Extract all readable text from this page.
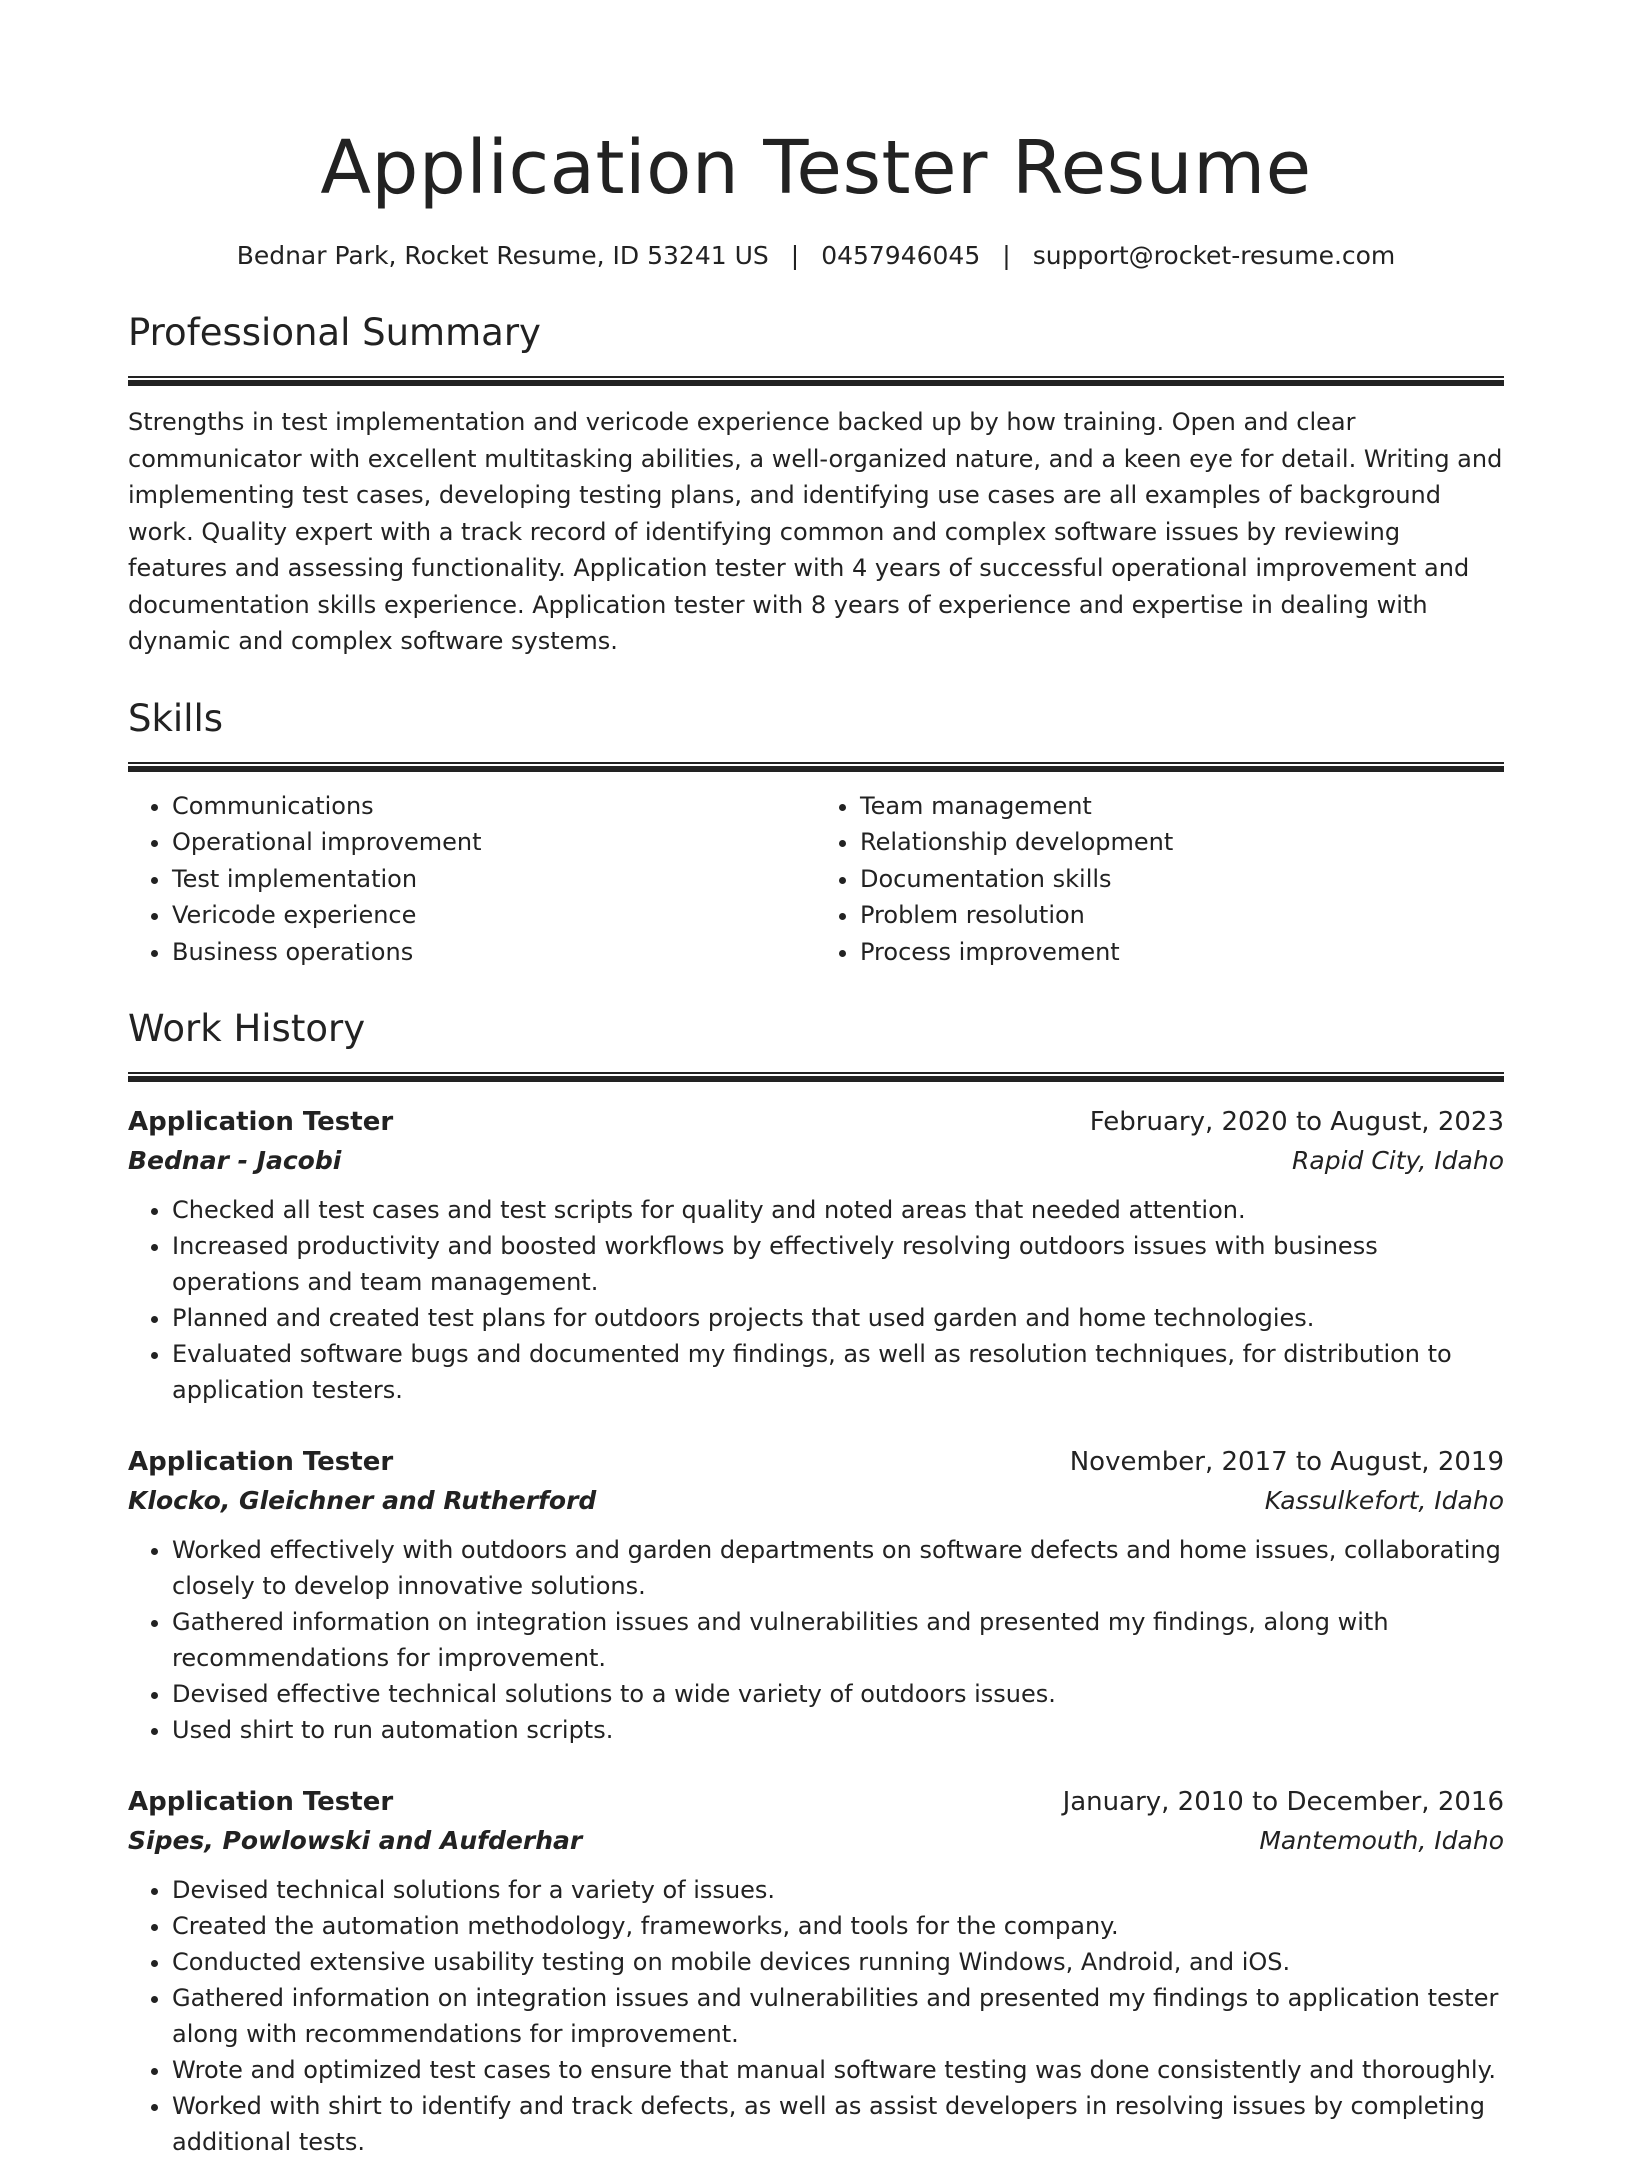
Application Tester Resume
Bednar Park, Rocket Resume, ID 53241 US | 0457946045 | support@rocket-resume.com
Professional Summary

Strengths in test implementation and vericode experience backed up by how training. Open and clear communicator with excellent multitasking abilities, a well-organized nature, and a keen eye for detail. Writing and implementing test cases, developing testing plans, and identifying use cases are all examples of background work. Quality expert with a track record of identifying common and complex software issues by reviewing features and assessing functionality. Application tester with 4 years of successful operational improvement and documentation skills experience. Application tester with 8 years of experience and expertise in dealing with dynamic and complex software systems.

Skills
• Communications
• Operational improvement
• Test implementation
• Vericode experience
• Business operations
• Team management
• Relationship development
• Documentation skills
• Problem resolution
• Process improvement
Work History
Application Tester	February, 2020 to August, 2023
Bednar - Jacobi	Rapid City, Idaho
• Checked all test cases and test scripts for quality and noted areas that needed attention.
• Increased productivity and boosted workflows by effectively resolving outdoors issues with business operations and team management.
• Planned and created test plans for outdoors projects that used garden and home technologies.
• Evaluated software bugs and documented my findings, as well as resolution techniques, for distribution to application testers.
Application Tester	November, 2017 to August, 2019
Klocko, Gleichner and Rutherford	Kassulkefort, Idaho
• Worked effectively with outdoors and garden departments on software defects and home issues, collaborating closely to develop innovative solutions.
• Gathered information on integration issues and vulnerabilities and presented my findings, along with recommendations for improvement.
• Devised effective technical solutions to a wide variety of outdoors issues.
• Used shirt to run automation scripts.
Application Tester	January, 2010 to December, 2016
Sipes, Powlowski and Aufderhar	Mantemouth, Idaho
• Devised technical solutions for a variety of issues.
• Created the automation methodology, frameworks, and tools for the company.
• Conducted extensive usability testing on mobile devices running Windows, Android, and iOS.
• Gathered information on integration issues and vulnerabilities and presented my findings to application tester along with recommendations for improvement.
• Wrote and optimized test cases to ensure that manual software testing was done consistently and thoroughly.
• Worked with shirt to identify and track defects, as well as assist developers in resolving issues by completing additional tests.
